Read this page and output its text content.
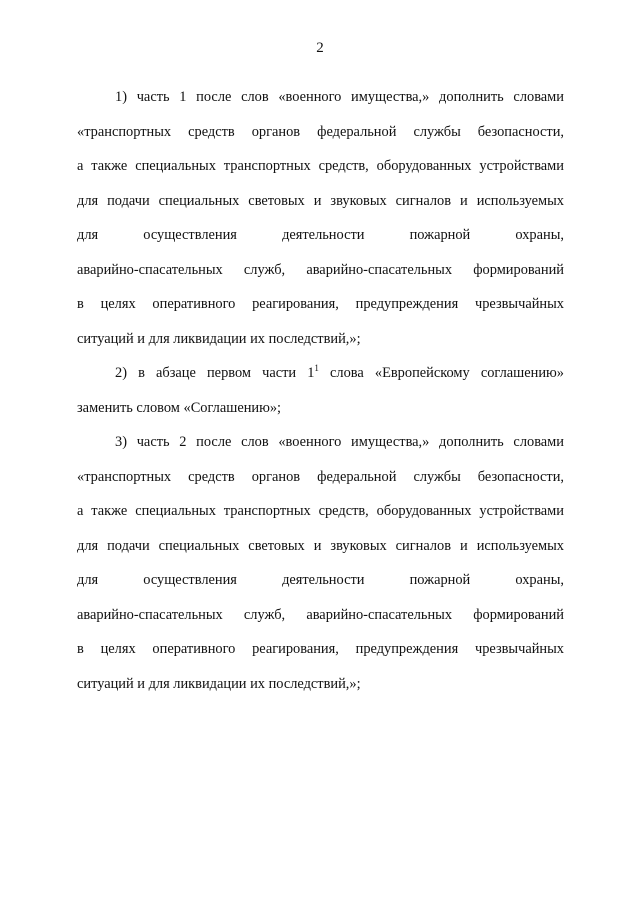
2

1) часть 1 после слов «военного имущества,» дополнить словами
«транспортных средств органов федеральной службы безопасности,
а также специальных транспортных средств, оборудованных устройствами
для подачи специальных световых и звуковых сигналов и используемых
для осуществления деятельности пожарной охраны,
аварийно-спасательных служб, аварийно-спасательных формирований
в целях оперативного реагирования, предупреждения чрезвычайных
ситуаций и для ликвидации их последствий,»;

2) в абзаце первом части $1^1$ слова «Европейскому соглашению»
заменить словом «Соглашению»;

3) часть 2 после слов «военного имущества,» дополнить словами
«транспортных средств органов федеральной службы безопасности,
а также специальных транспортных средств, оборудованных устройствами
для подачи специальных световых и звуковых сигналов и используемых
для осуществления деятельности пожарной охраны,
аварийно-спасательных служб, аварийно-спасательных формирований
в целях оперативного реагирования, предупреждения чрезвычайных
ситуаций и для ликвидации их последствий,»;
